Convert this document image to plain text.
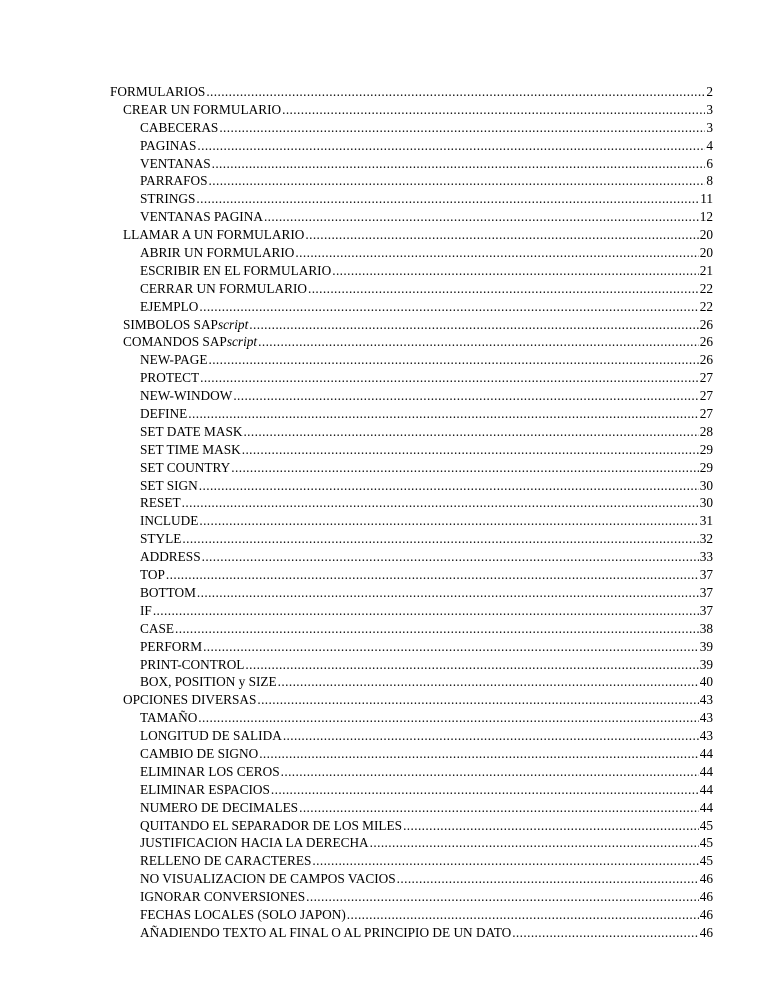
FORMULARIOS .....	2
CREAR UN FORMULARIO .....	3
CABECERAS .....	3
PAGINAS .....	4
VENTANAS .....	6
PARRAFOS .....	8
STRINGS .....	11
VENTANAS PAGINA .....	12
LLAMAR A UN FORMULARIO .....	20
ABRIR UN FORMULARIO .....	20
ESCRIBIR EN EL FORMULARIO .....	21
CERRAR UN FORMULARIO .....	22
EJEMPLO .....	22
SIMBOLOS SAPscript .....	26
COMANDOS SAPscript .....	26
NEW-PAGE .....	26
PROTECT .....	27
NEW-WINDOW .....	27
DEFINE .....	27
SET DATE MASK .....	28
SET TIME MASK .....	29
SET COUNTRY .....	29
SET SIGN .....	30
RESET .....	30
INCLUDE .....	31
STYLE .....	32
ADDRESS .....	33
TOP .....	37
BOTTOM .....	37
IF .....	37
CASE .....	38
PERFORM .....	39
PRINT-CONTROL .....	39
BOX, POSITION y SIZE .....	40
OPCIONES DIVERSAS .....	43
TAMAÑO .....	43
LONGITUD DE SALIDA .....	43
CAMBIO DE SIGNO .....	44
ELIMINAR LOS CEROS .....	44
ELIMINAR ESPACIOS .....	44
NUMERO DE DECIMALES .....	44
QUITANDO EL SEPARADOR DE LOS MILES .....	45
JUSTIFICACION HACIA LA DERECHA .....	45
RELLENO DE CARACTERES .....	45
NO VISUALIZACION DE CAMPOS VACIOS .....	46
IGNORAR CONVERSIONES .....	46
FECHAS LOCALES (SOLO JAPON) .....	46
AÑADIENDO TEXTO AL FINAL O AL PRINCIPIO DE UN DATO .....	46
